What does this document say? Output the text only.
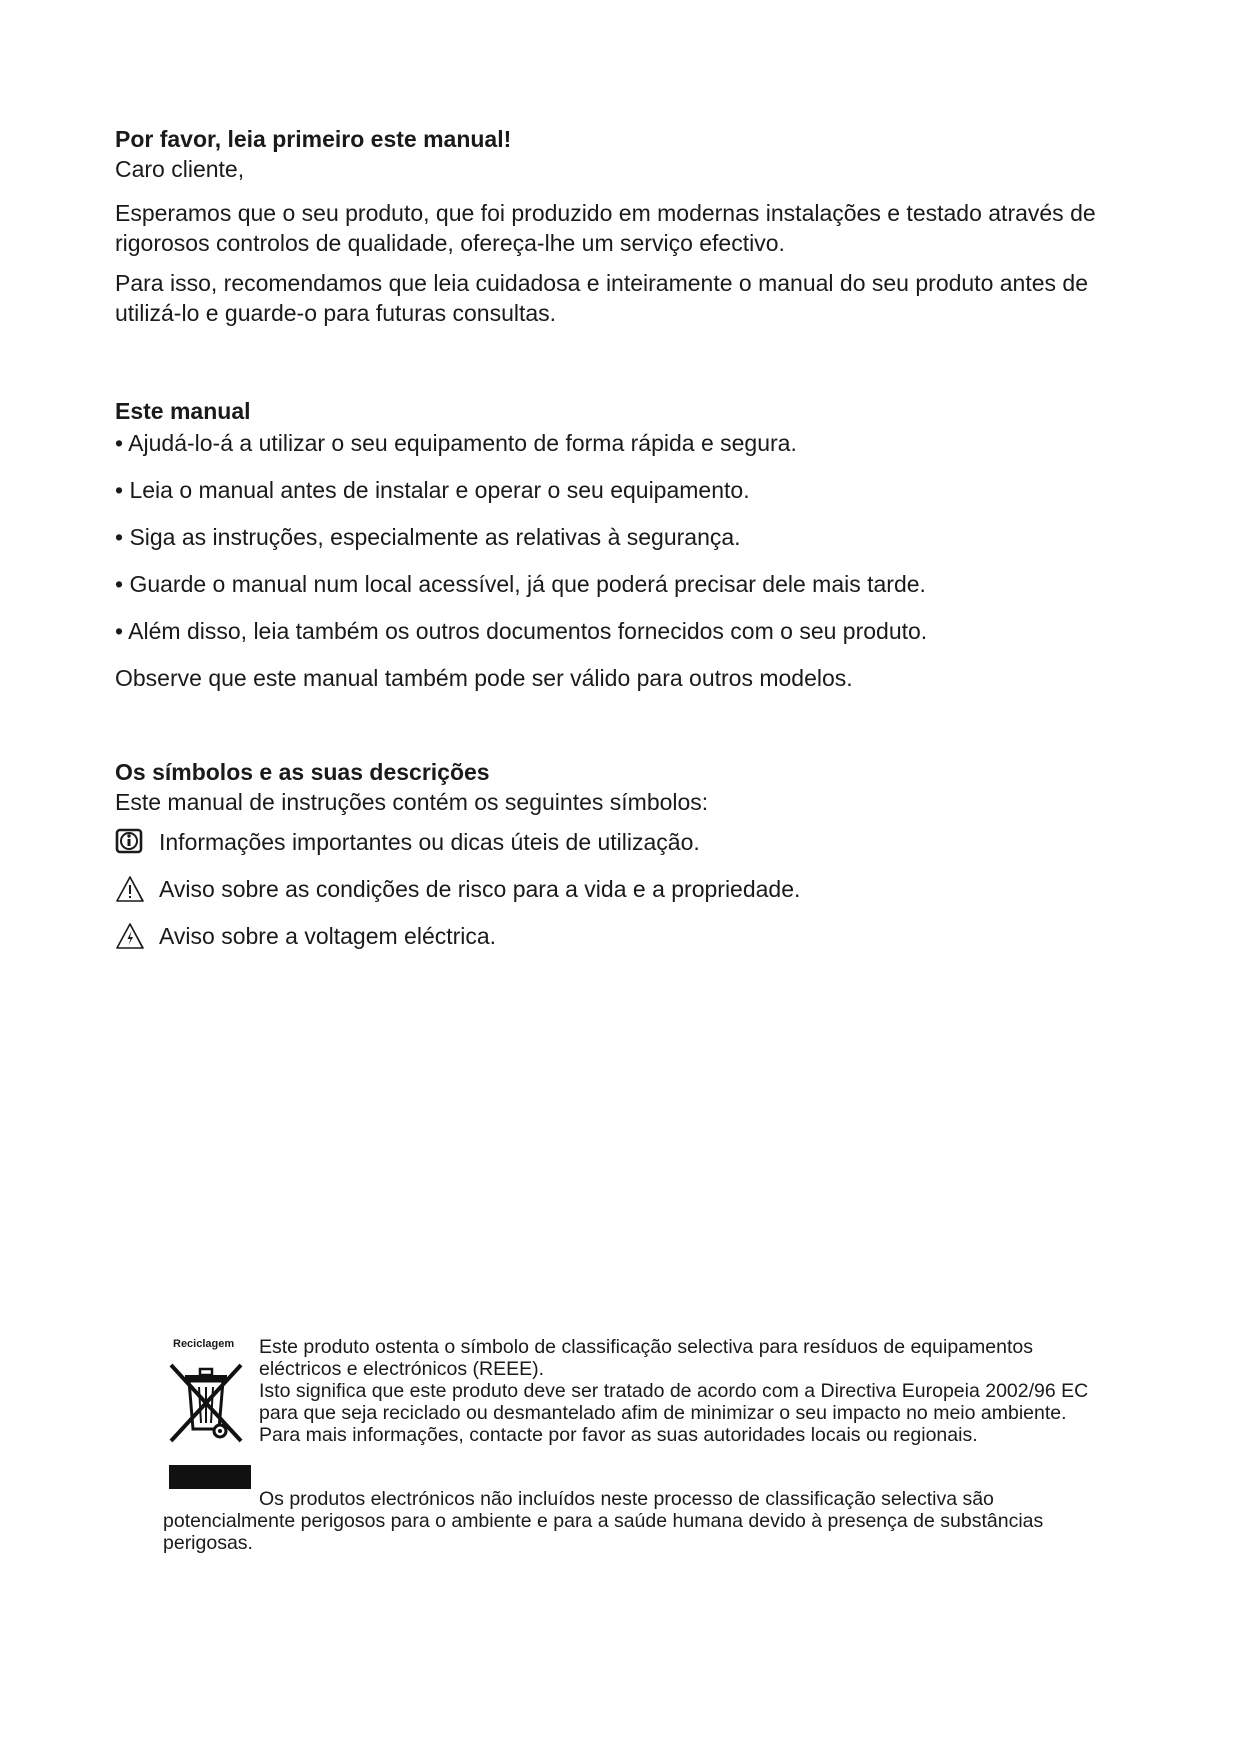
Por favor, leia primeiro este manual!

Caro cliente,

Esperamos que o seu produto, que foi produzido em modernas instalações e testado através de rigorosos controlos de qualidade, ofereça-lhe um serviço efectivo.

Para isso, recomendamos que leia cuidadosa e inteiramente o manual do seu produto antes de utilizá-lo e guarde-o para futuras consultas.

Este manual

• Ajudá-lo-á a utilizar o seu equipamento de forma rápida e segura.

• Leia o manual antes de instalar e operar o seu equipamento.

• Siga as instruções, especialmente as relativas à segurança.

• Guarde o manual num local acessível, já que poderá precisar dele mais tarde.

• Além disso, leia também os outros documentos fornecidos com o seu produto.

Observe que este manual também pode ser válido para outros modelos.

Os símbolos e as suas descrições

Este manual de instruções contém os seguintes símbolos:

Informações importantes ou dicas úteis de utilização.
Aviso sobre as condições de risco para a vida e a propriedade.
Aviso sobre a voltagem eléctrica.
Reciclagem Este produto ostenta o símbolo de classificação selectiva para resíduos de equipamentos eléctricos e electrónicos (REEE).

Isto significa que este produto deve ser tratado de acordo com a Directiva Europeia 2002/96 EC para que seja reciclado ou desmantelado afim de minimizar o seu impacto no meio ambiente. Para mais informações, contacte por favor as suas autoridades locais ou regionais.

Os produtos electrónicos não incluídos neste processo de classificação selectiva são potencialmente perigosos para o ambiente e para a saúde humana devido à presença de substâncias perigosas.
